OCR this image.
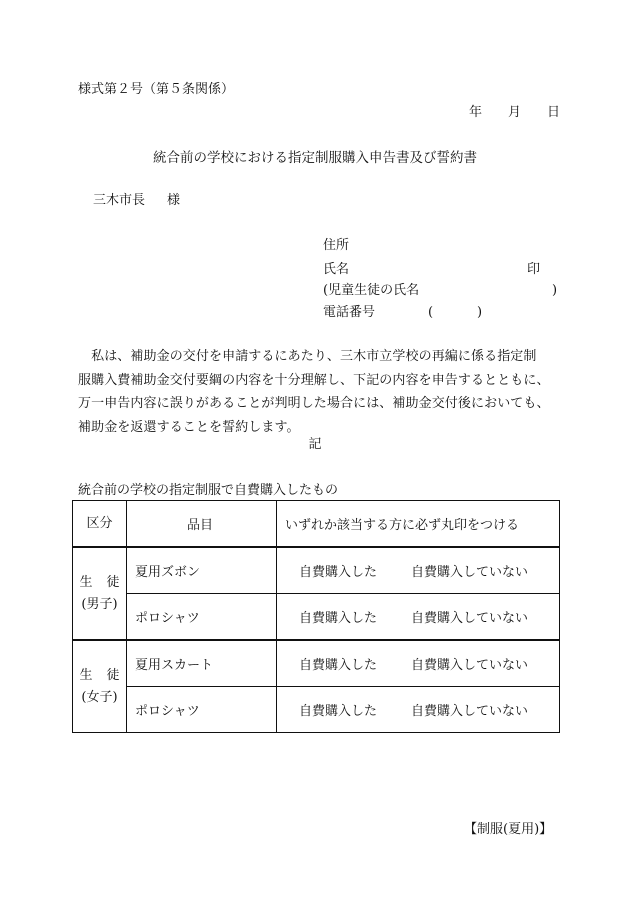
様式第２号（第５条関係）
年 月 日
統合前の学校における指定制服購入申告書及び誓約書
三木市長 様
住所
氏名	印
(児童生徒の氏名	)
電話番号	(	)
　私は、補助金の交付を申請するにあたり、三木市立学校の再編に係る指定制
服購入費補助金交付要綱の内容を十分理解し、下記の内容を申告するとともに、
万一申告内容に誤りがあることが判明した場合には、補助金交付後においても、
補助金を返還することを誓約します。
記
統合前の学校の指定制服で自費購入したもの
区分	品目	いずれか該当する方に必ず丸印をつける
生 徒
(男子)	夏用ズボン	自費購入した 自費購入していない
	ポロシャツ	自費購入した 自費購入していない
生 徒
(女子)	夏用スカート	自費購入した 自費購入していない
	ポロシャツ	自費購入した 自費購入していない
【制服(夏用)】
